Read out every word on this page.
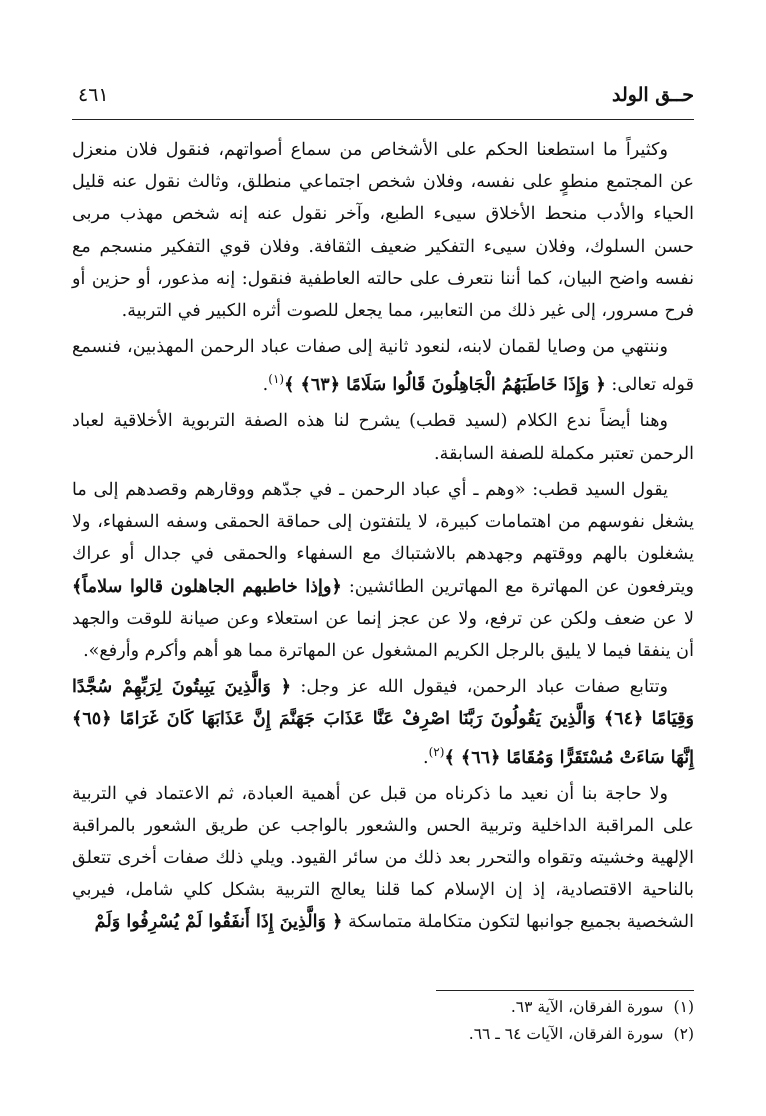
حــق الولد
٤٦١

وكثيراً ما استطعنا الحكم على الأشخاص من سماع أصواتهم، فنقول فلان منعزل عن المجتمع منطوٍ على نفسه، وفلان شخص اجتماعي منطلق، وثالث نقول عنه قليل الحياء والأدب منحط الأخلاق سيىء الطبع، وآخر نقول عنه إنه شخص مهذب مربى حسن السلوك، وفلان سيىء التفكير ضعيف الثقافة. وفلان قوي التفكير منسجم مع نفسه واضح البيان، كما أننا نتعرف على حالته العاطفية فنقول: إنه مذعور، أو حزين أو فرح مسرور، إلى غير ذلك من التعابير، مما يجعل للصوت أثره الكبير في التربية.

وننتهي من وصايا لقمان لابنه، لنعود ثانية إلى صفات عباد الرحمن المهذبين، فنسمع قوله تعالى: ﴿ وَإِذَا خَاطَبَهُمُ الْجَاهِلُونَ قَالُوا سَلَامًا ﴿٦٣﴾ ﴾$^{(١)}$.

وهنا أيضاً ندع الكلام (لسيد قطب) يشرح لنا هذه الصفة التربوية الأخلاقية لعباد الرحمن تعتبر مكملة للصفة السابقة.

يقول السيد قطب: «وهم ـ أي عباد الرحمن ـ في جدّهم ووقارهم وقصدهم إلى ما يشغل نفوسهم من اهتمامات كبيرة، لا يلتفتون إلى حماقة الحمقى وسفه السفهاء، ولا يشغلون بالهم ووقتهم وجهدهم بالاشتباك مع السفهاء والحمقى في جدال أو عراك ويترفعون عن المهاترة مع المهاترين الطائشين: ﴿وإذا خاطبهم الجاهلون قالوا سلاماً﴾ لا عن ضعف ولكن عن ترفع، ولا عن عجز إنما عن استعلاء وعن صيانة للوقت والجهد أن ينفقا فيما لا يليق بالرجل الكريم المشغول عن المهاترة مما هو أهم وأكرم وأرفع».

وتتابع صفات عباد الرحمن، فيقول الله عز وجل: ﴿ وَالَّذِينَ يَبِيتُونَ لِرَبِّهِمْ سُجَّدًا وَقِيَامًا ﴿٦٤﴾ وَالَّذِينَ يَقُولُونَ رَبَّنَا اصْرِفْ عَنَّا عَذَابَ جَهَنَّمَ إِنَّ عَذَابَهَا كَانَ غَرَامًا ﴿٦٥﴾ إِنَّهَا سَاءَتْ مُسْتَقَرًّا وَمُقَامًا ﴿٦٦﴾ ﴾$^{(٢)}$.

ولا حاجة بنا أن نعيد ما ذكرناه من قبل عن أهمية العبادة، ثم الاعتماد في التربية على المراقبة الداخلية وتربية الحس والشعور بالواجب عن طريق الشعور بالمراقبة الإلهية وخشيته وتقواه والتحرر بعد ذلك من سائر القيود. ويلي ذلك صفات أخرى تتعلق بالناحية الاقتصادية، إذ إن الإسلام كما قلنا يعالج التربية بشكل كلي شامل، فيربي الشخصية بجميع جوانبها لتكون متكاملة متماسكة ﴿ وَالَّذِينَ إِذَا أَنفَقُوا لَمْ يُسْرِفُوا وَلَمْ

(١)سورة الفرقان، الآية ٦٣.

(٢)سورة الفرقان، الآيات ٦٤ ـ ٦٦.
